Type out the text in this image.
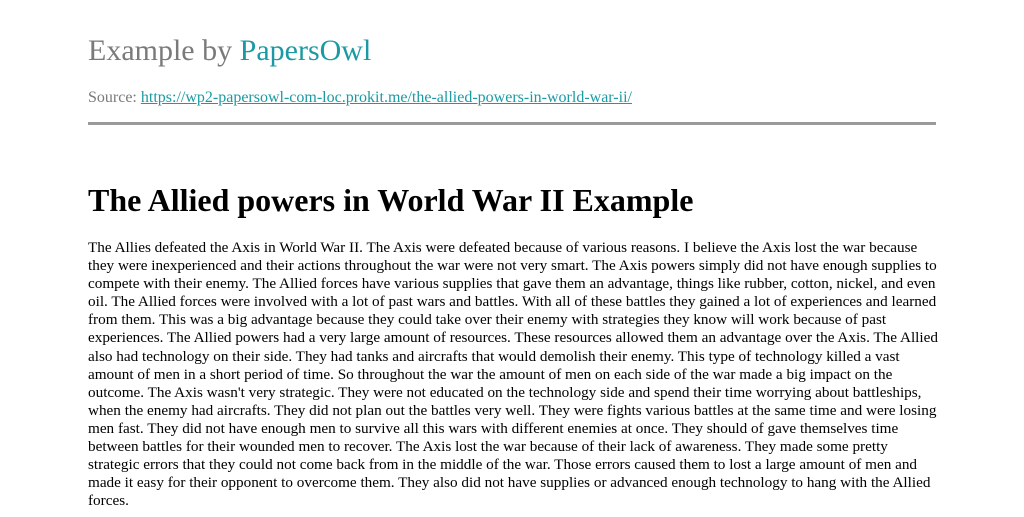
Example by PapersOwl
Source: https://wp2-papersowl-com-loc.prokit.me/the-allied-powers-in-world-war-ii/
The Allied powers in World War II Example

The Allies defeated the Axis in World War II. The Axis were defeated because of various reasons. I believe the Axis lost the war because they were inexperienced and their actions throughout the war were not very smart. The Axis powers simply did not have enough supplies to compete with their enemy. The Allied forces have various supplies that gave them an advantage, things like rubber, cotton, nickel, and even oil. The Allied forces were involved with a lot of past wars and battles. With all of these battles they gained a lot of experiences and learned from them. This was a big advantage because they could take over their enemy with strategies they know will work because of past experiences. The Allied powers had a very large amount of resources. These resources allowed them an advantage over the Axis. The Allied also had technology on their side. They had tanks and aircrafts that would demolish their enemy. This type of technology killed a vast amount of men in a short period of time. So throughout the war the amount of men on each side of the war made a big impact on the outcome. The Axis wasn't very strategic. They were not educated on the technology side and spend their time worrying about battleships, when the enemy had aircrafts. They did not plan out the battles very well. They were fights various battles at the same time and were losing men fast. They did not have enough men to survive all this wars with different enemies at once. They should of gave themselves time between battles for their wounded men to recover. The Axis lost the war because of their lack of awareness. They made some pretty strategic errors that they could not come back from in the middle of the war. Those errors caused them to lost a large amount of men and made it easy for their opponent to overcome them. They also did not have supplies or advanced enough technology to hang with the Allied forces.
